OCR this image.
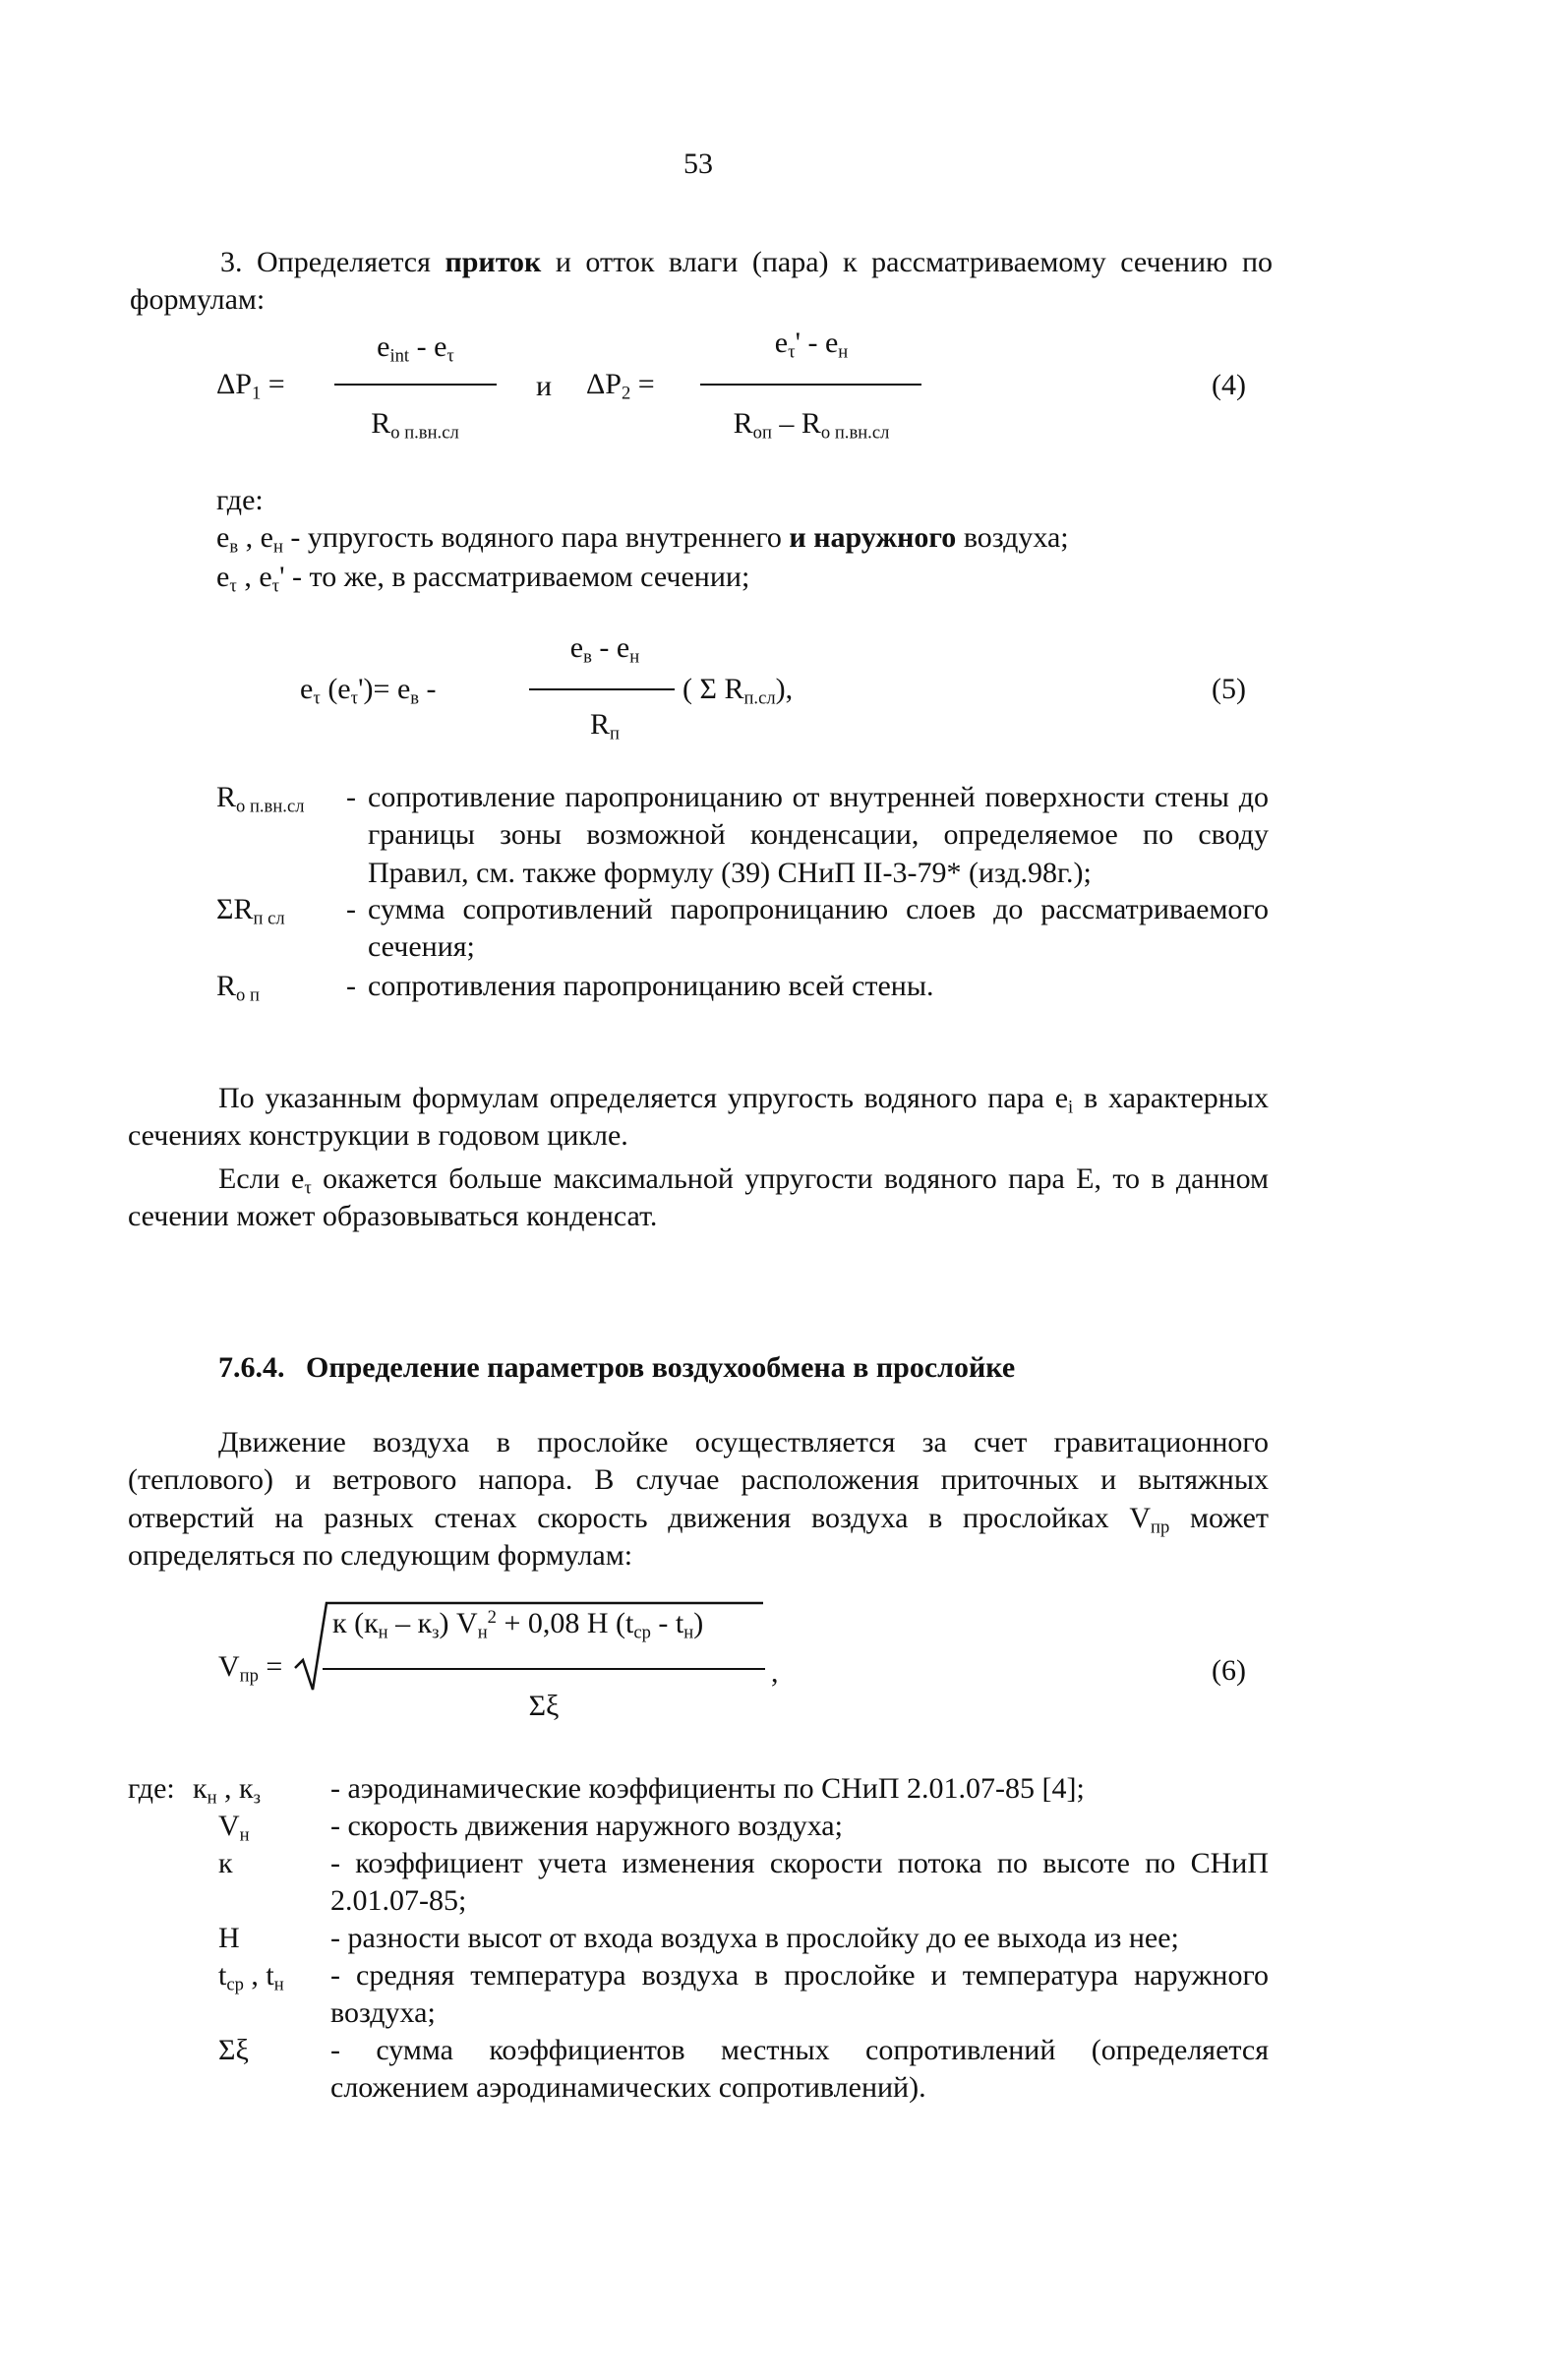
53
3. Определяется приток и отток влаги (пара) к рассматриваемому сечению по формулам:
$\Delta P_1$ =
$e_{int} - e_\tau$
$R_{о п.вн.сл}$
и $\Delta P_2$ =
$e_\tau' - e_н$
$R_{оп} - R_{о п.вн.сл}$
(4)
где:
$e_в$ , $e_н$ - упругость водяного пара внутреннего и наружного воздуха;
$e_\tau$ , $e_\tau'$ - то же, в рассматриваемом сечении;
$e_\tau$ $(e_\tau')= e_в$ -
$e_в - e_н$
$R_п$
( Σ $R_{п.сл}$),	(5)
$R_{о п.вн.сл}$	- сопротивление паропроницанию от внутренней поверхности стены до границы зоны возможной конденсации, определяемое по своду Правил, см. также формулу (39) СНиП II-3-79* (изд.98г.);
$\Sigma R_{п сл}$	- сумма сопротивлений паропроницанию слоев до рассматриваемого сечения;
$R_{о п}$	- сопротивления паропроницанию всей стены.
По указанным формулам определяется упругость водяного пара $e_i$ в характерных сечениях конструкции в годовом цикле.
Если $e_\tau$ окажется больше максимальной упругости водяного пара E, то в данном сечении может образовываться конденсат.
7.6.4. Определение параметров воздухообмена в прослойке
Движение воздуха в прослойке осуществляется за счет гравитационного (теплового) и ветрового напора. В случае расположения приточных и вытяжных отверстий на разных стенах скорость движения воздуха в прослойках $V_{пр}$ может определяться по следующим формулам:
$V_{пр}$ =
к $(к_н - к_з) V_н^2 + 0,08$ H $(t_{ср} - t_н)$
Σξ
,	(6)
где: $к_н$ , $к_з$	- аэродинамические коэффициенты по СНиП 2.01.07-85 [4];
$V_н$	- скорость движения наружного воздуха;
к	- коэффициент учета изменения скорости потока по высоте по СНиП 2.01.07-85;
H	- разности высот от входа воздуха в прослойку до ее выхода из нее;
$t_{ср}$ , $t_н$	- средняя температура воздуха в прослойке и температура наружного воздуха;
Σξ	- сумма коэффициентов местных сопротивлений (определяется сложением аэродинамических сопротивлений).
